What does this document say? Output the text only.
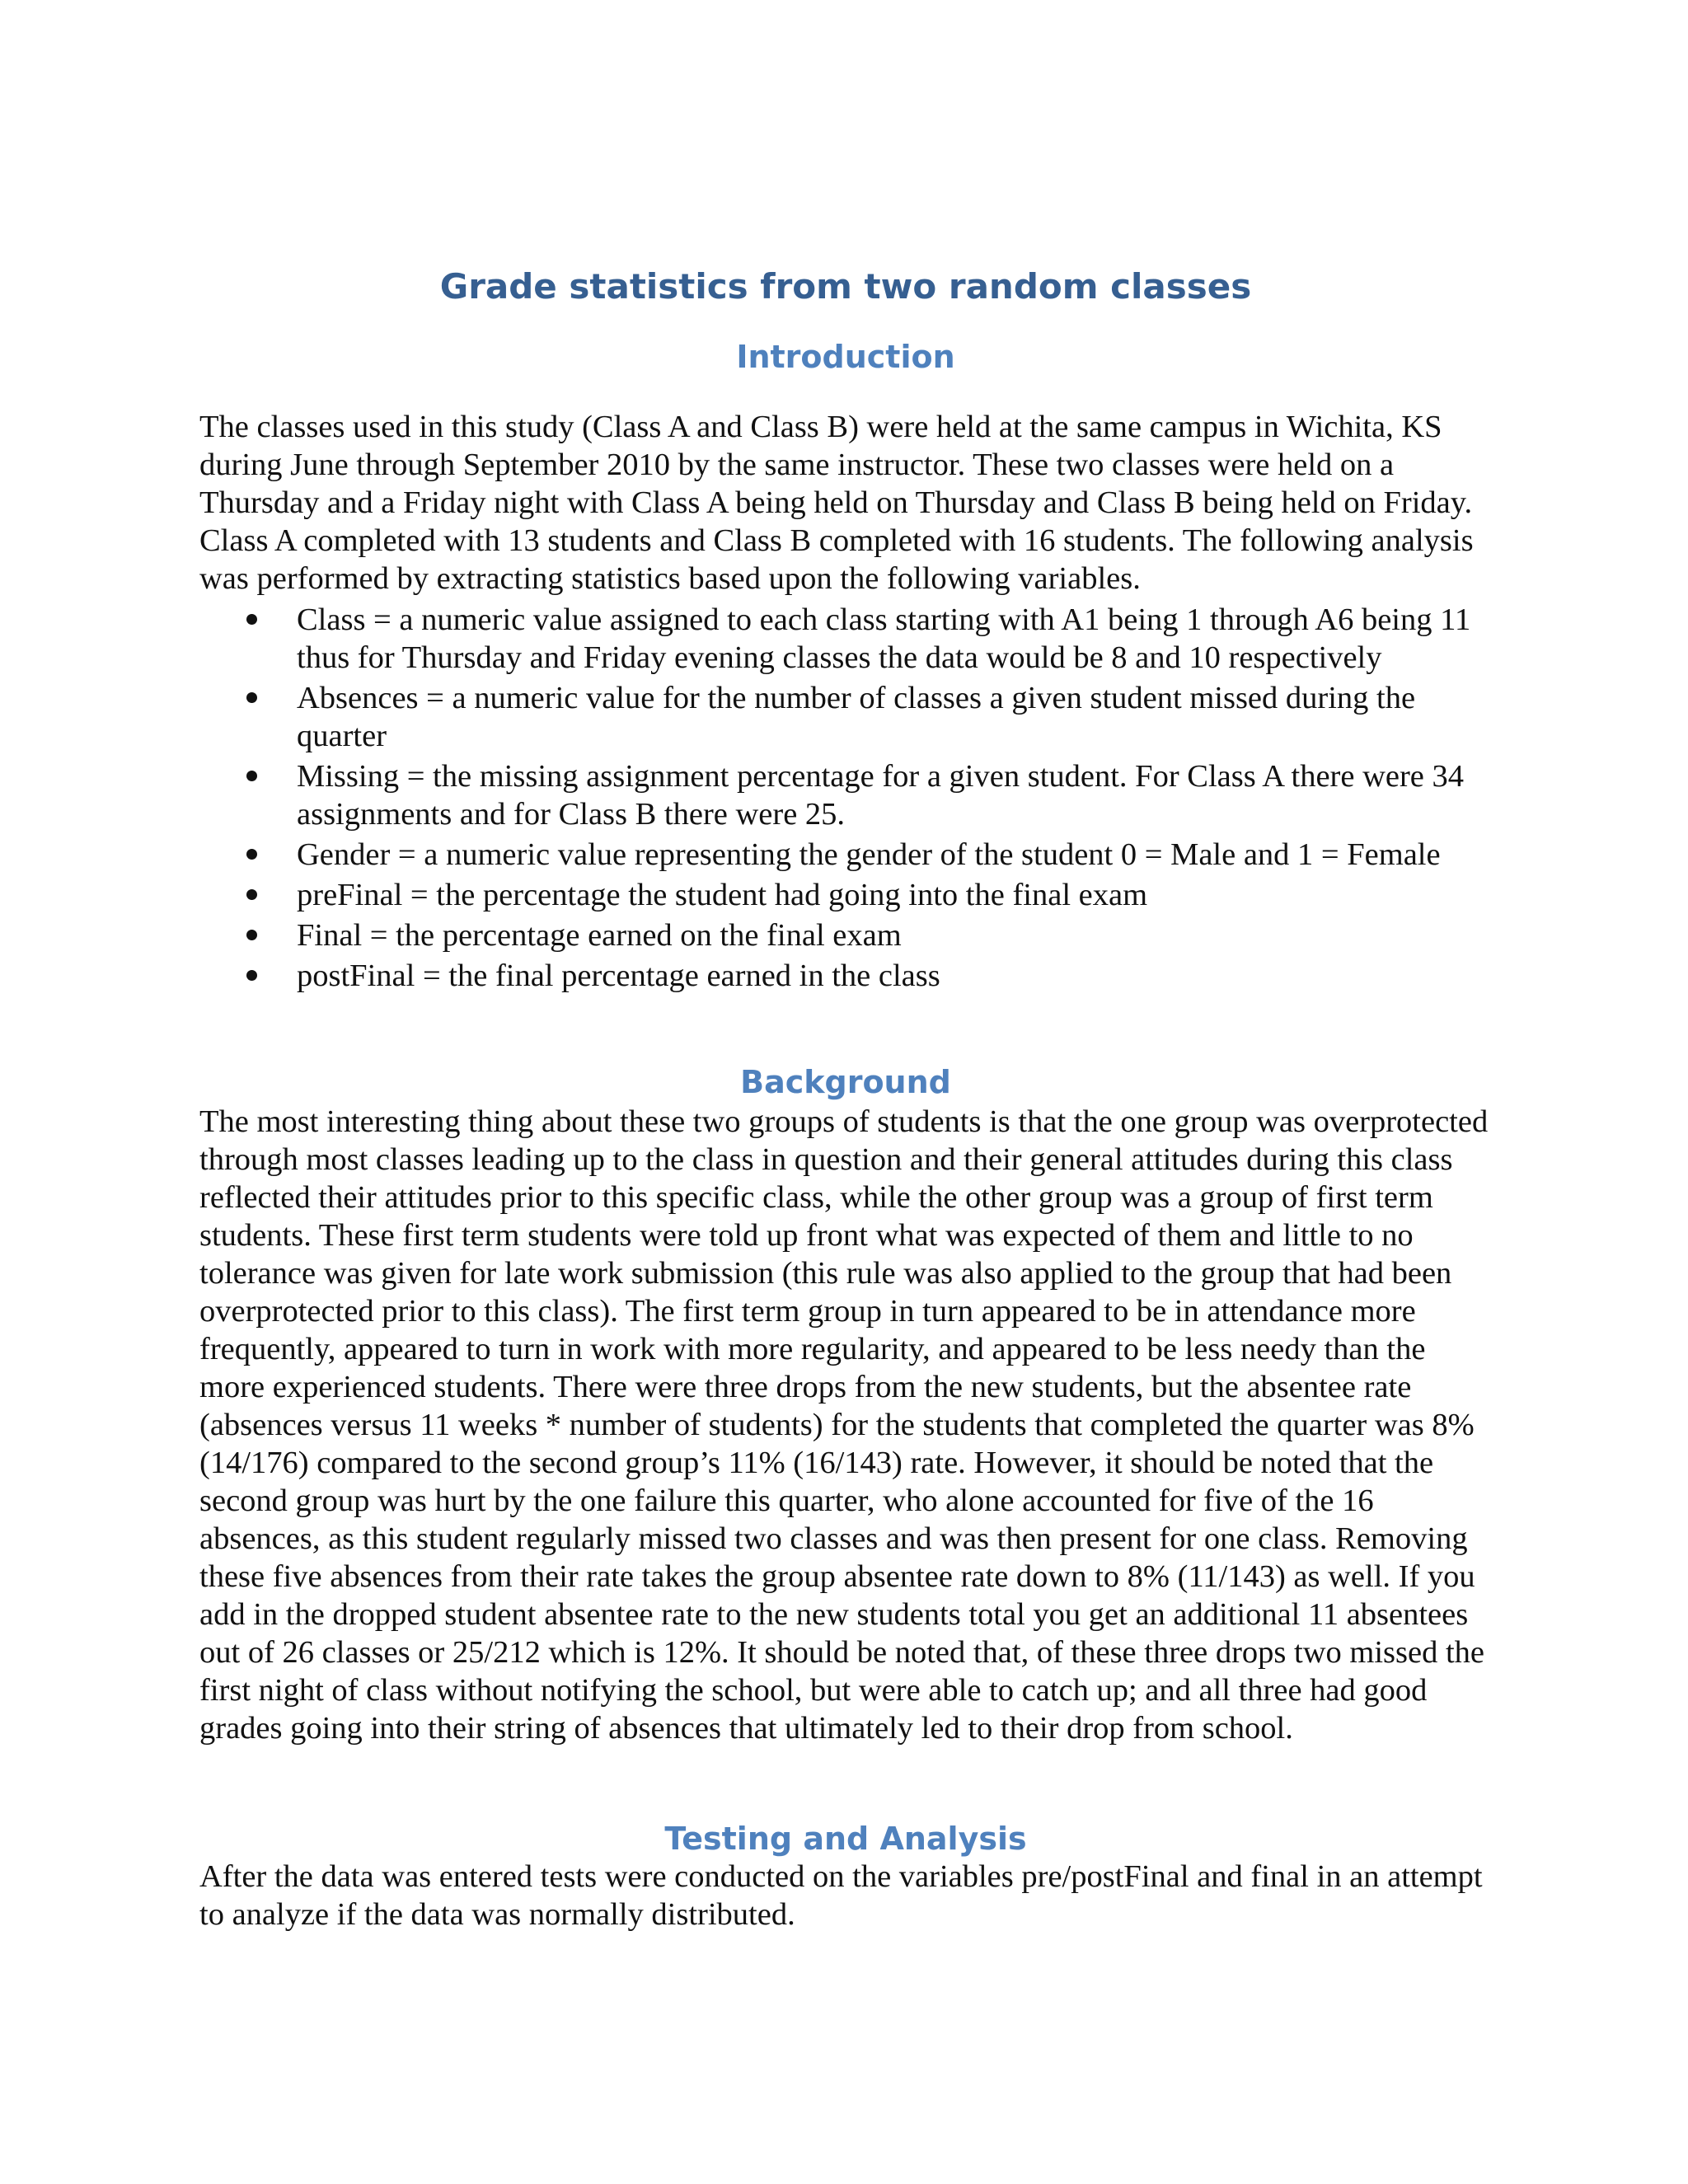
Grade statistics from two random classes
Introduction

The classes used in this study (Class A and Class B) were held at the same campus in Wichita, KS during June through September 2010 by the same instructor. These two classes were held on a Thursday and a Friday night with Class A being held on Thursday and Class B being held on Friday. Class A completed with 13 students and Class B completed with 16 students. The following analysis was performed by extracting statistics based upon the following variables.

Class = a numeric value assigned to each class starting with A1 being 1 through A6 being 11 thus for Thursday and Friday evening classes the data would be 8 and 10 respectively
Absences = a numeric value for the number of classes a given student missed during the quarter
Missing = the missing assignment percentage for a given student. For Class A there were 34 assignments and for Class B there were 25.
Gender = a numeric value representing the gender of the student 0 = Male and 1 = Female
preFinal = the percentage the student had going into the final exam
Final = the percentage earned on the final exam
postFinal = the final percentage earned in the class
Background

The most interesting thing about these two groups of students is that the one group was overprotected through most classes leading up to the class in question and their general attitudes during this class reflected their attitudes prior to this specific class, while the other group was a group of first term students. These first term students were told up front what was expected of them and little to no tolerance was given for late work submission (this rule was also applied to the group that had been overprotected prior to this class). The first term group in turn appeared to be in attendance more frequently, appeared to turn in work with more regularity, and appeared to be less needy than the more experienced students. There were three drops from the new students, but the absentee rate (absences versus 11 weeks * number of students) for the students that completed the quarter was 8% (14/176) compared to the second group’s 11% (16/143) rate. However, it should be noted that the second group was hurt by the one failure this quarter, who alone accounted for five of the 16 absences, as this student regularly missed two classes and was then present for one class. Removing these five absences from their rate takes the group absentee rate down to 8% (11/143) as well. If you add in the dropped student absentee rate to the new students total you get an additional 11 absentees out of 26 classes or 25/212 which is 12%. It should be noted that, of these three drops two missed the first night of class without notifying the school, but were able to catch up; and all three had good grades going into their string of absences that ultimately led to their drop from school.

Testing and Analysis

After the data was entered tests were conducted on the variables pre/postFinal and final in an attempt to analyze if the data was normally distributed.
